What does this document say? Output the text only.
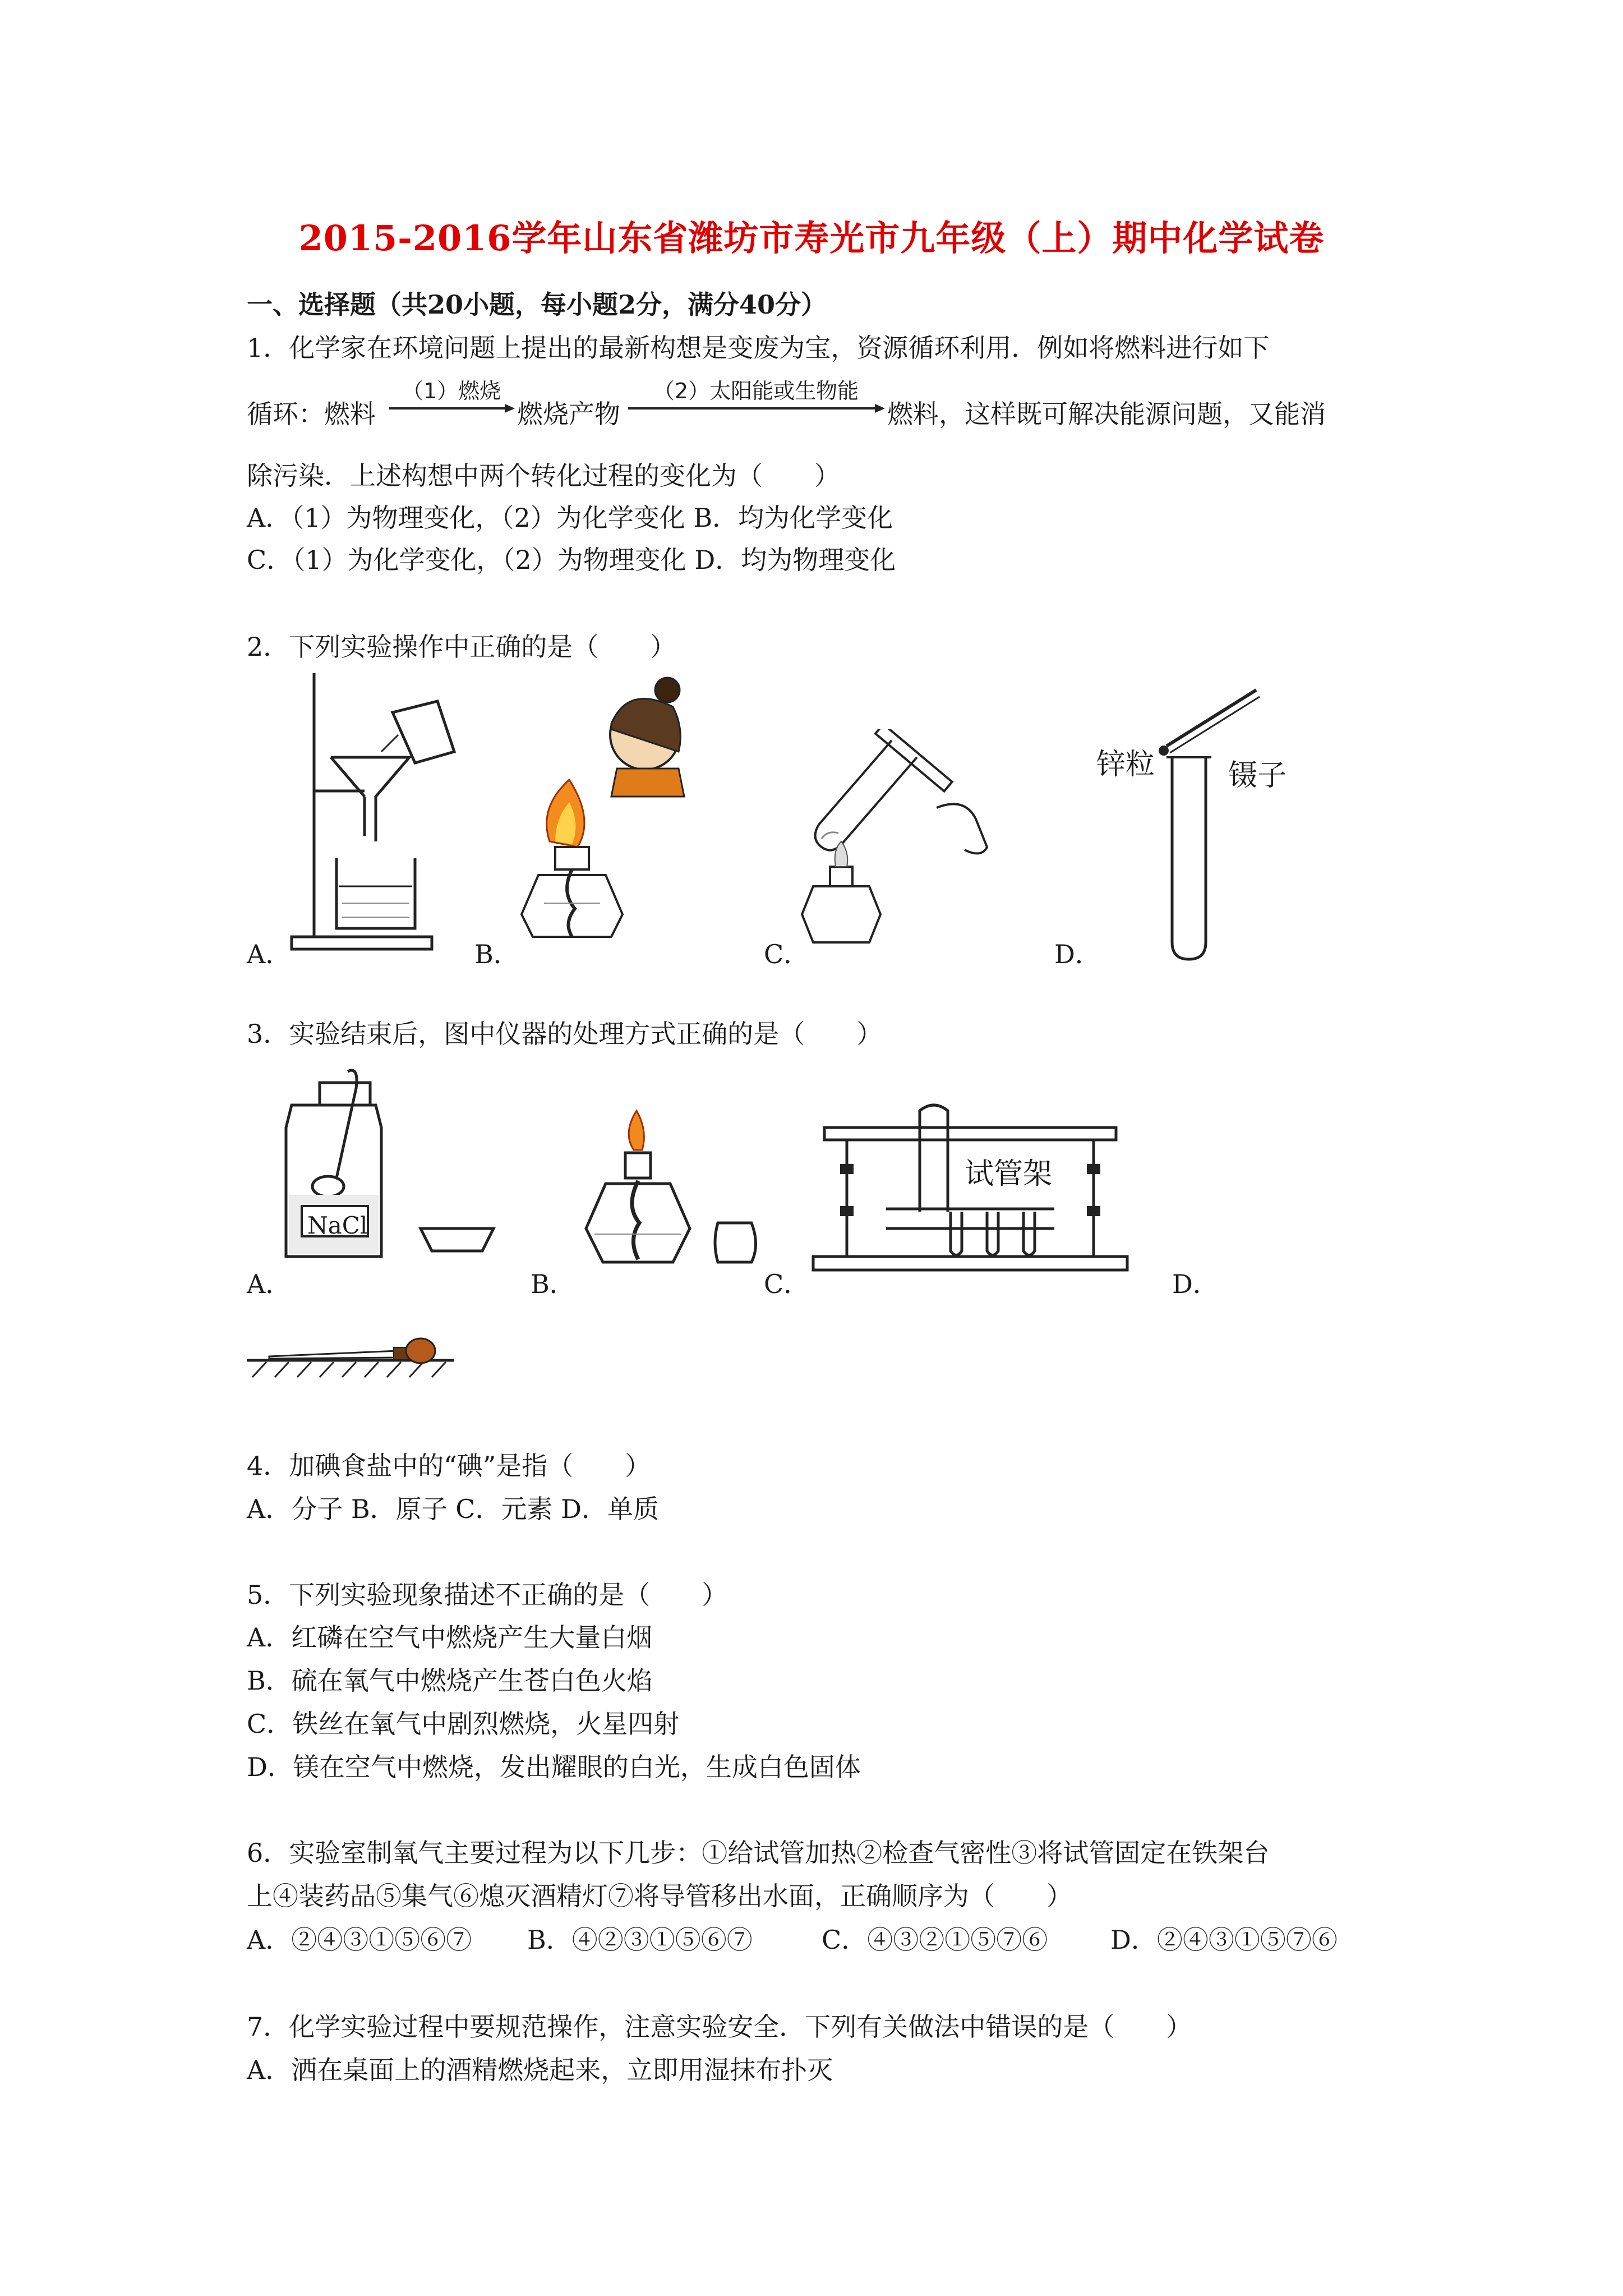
2015-2016学年山东省潍坊市寿光市九年级（上）期中化学试卷
一、选择题（共20小题，每小题2分，满分40分）
1．化学家在环境问题上提出的最新构想是变废为宝，资源循环利用．例如将燃料进行如下
循环：燃料
（1）燃烧
燃烧产物
（2）太阳能或生物能
燃料，这样既可解决能源问题，又能消
除污染．上述构想中两个转化过程的变化为（　　）
A．（1）为物理变化，（2）为化学变化 B．均为化学变化
C．（1）为化学变化，（2）为物理变化 D．均为物理变化
2．下列实验操作中正确的是（　　）
A．	B．	C．
锌粒	镊子
D．
3．实验结束后，图中仪器的处理方式正确的是（　　）
NaCl
A．	B．
试管架
C．	D．
4．加碘食盐中的“碘”是指（　　）
A．分子 B．原子 C．元素 D．单质
5．下列实验现象描述不正确的是（　　）
A．红磷在空气中燃烧产生大量白烟
B．硫在氧气中燃烧产生苍白色火焰
C．铁丝在氧气中剧烈燃烧，火星四射
D．镁在空气中燃烧，发出耀眼的白光，生成白色固体
6．实验室制氧气主要过程为以下几步：①给试管加热②检查气密性③将试管固定在铁架台
上④装药品⑤集气⑥熄灭酒精灯⑦将导管移出水面，正确顺序为（　　）
A．②④③①⑤⑥⑦ B．④②③①⑤⑥⑦	C．④③②①⑤⑦⑥ D．②④③①⑤⑦⑥
7．化学实验过程中要规范操作，注意实验安全．下列有关做法中错误的是（　　）
A．洒在桌面上的酒精燃烧起来，立即用湿抹布扑灭
